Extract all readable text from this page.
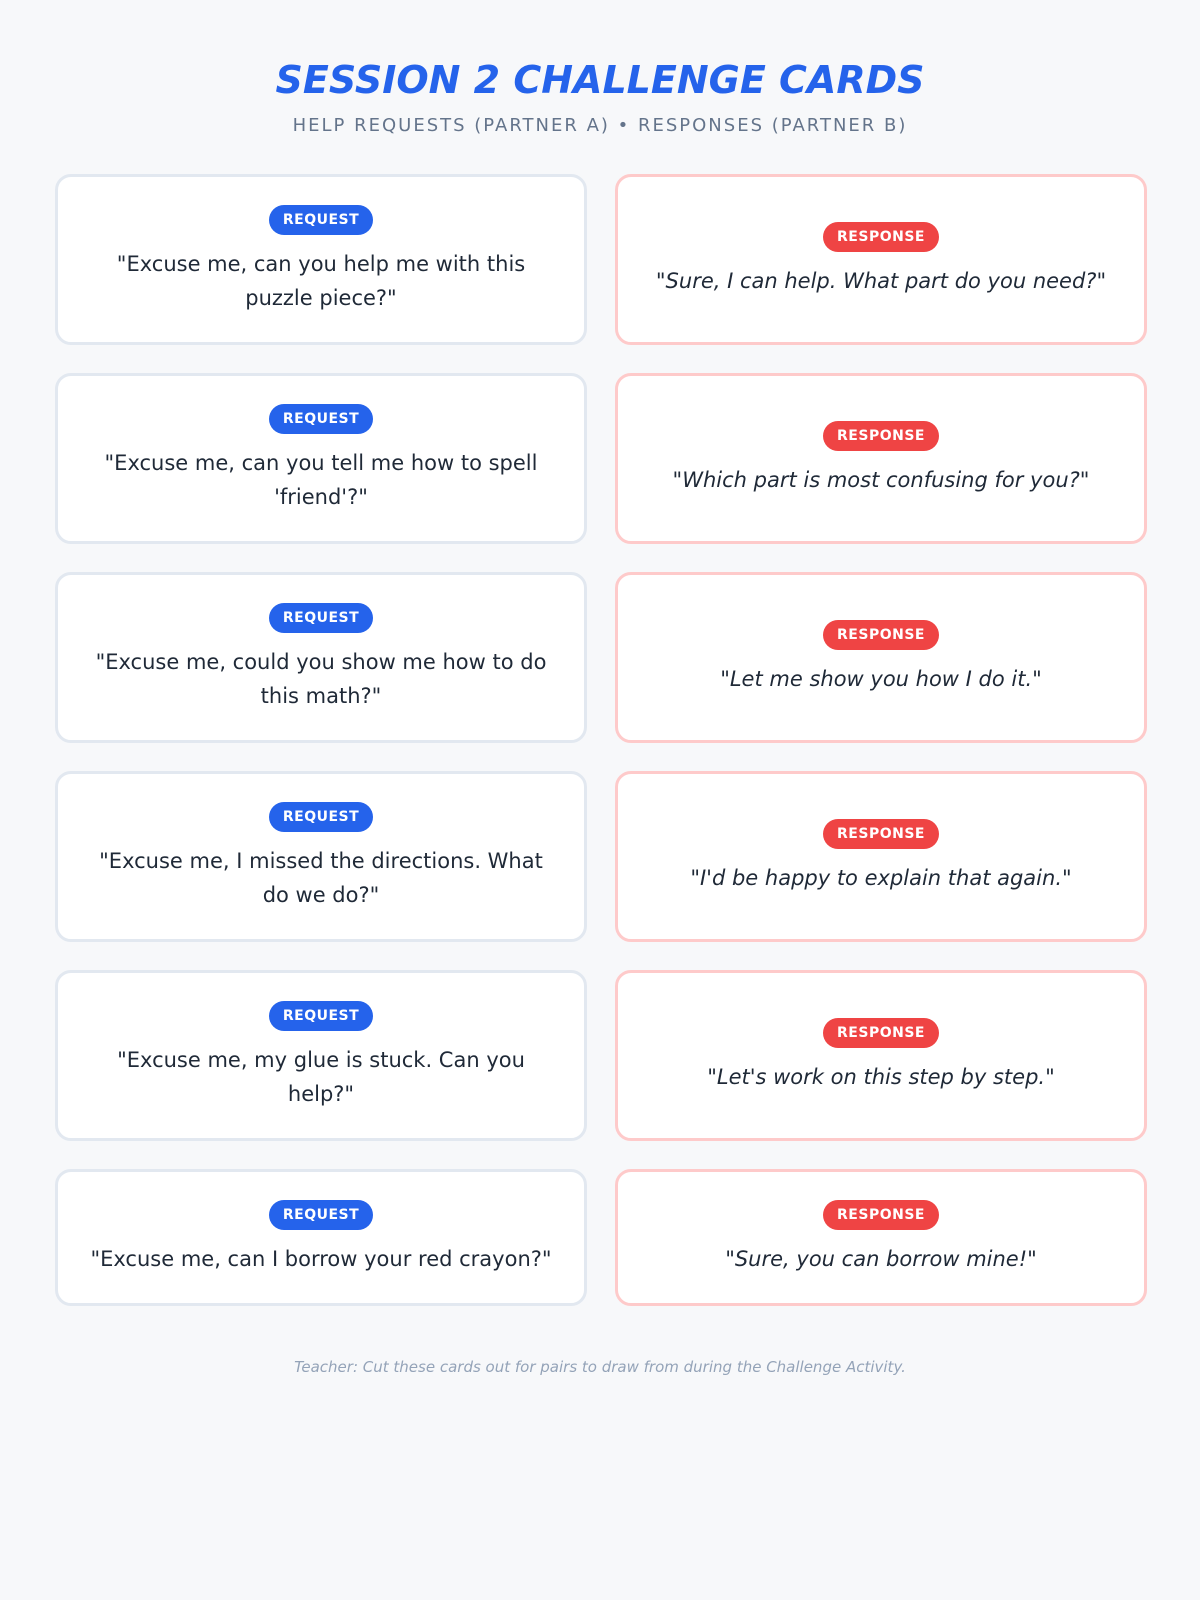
SESSION 2 CHALLENGE CARDS
HELP REQUESTS (PARTNER A) • RESPONSES (PARTNER B)
REQUEST
"Excuse me, can you help me with this puzzle piece?"
RESPONSE
"Sure, I can help. What part do you need?"
REQUEST
"Excuse me, can you tell me how to spell 'friend'?"
RESPONSE
"Which part is most confusing for you?"
REQUEST
"Excuse me, could you show me how to do this math?"
RESPONSE
"Let me show you how I do it."
REQUEST
"Excuse me, I missed the directions. What do we do?"
RESPONSE
"I'd be happy to explain that again."
REQUEST
"Excuse me, my glue is stuck. Can you help?"
RESPONSE
"Let's work on this step by step."
REQUEST
"Excuse me, can I borrow your red crayon?"
RESPONSE
"Sure, you can borrow mine!"
Teacher: Cut these cards out for pairs to draw from during the Challenge Activity.
